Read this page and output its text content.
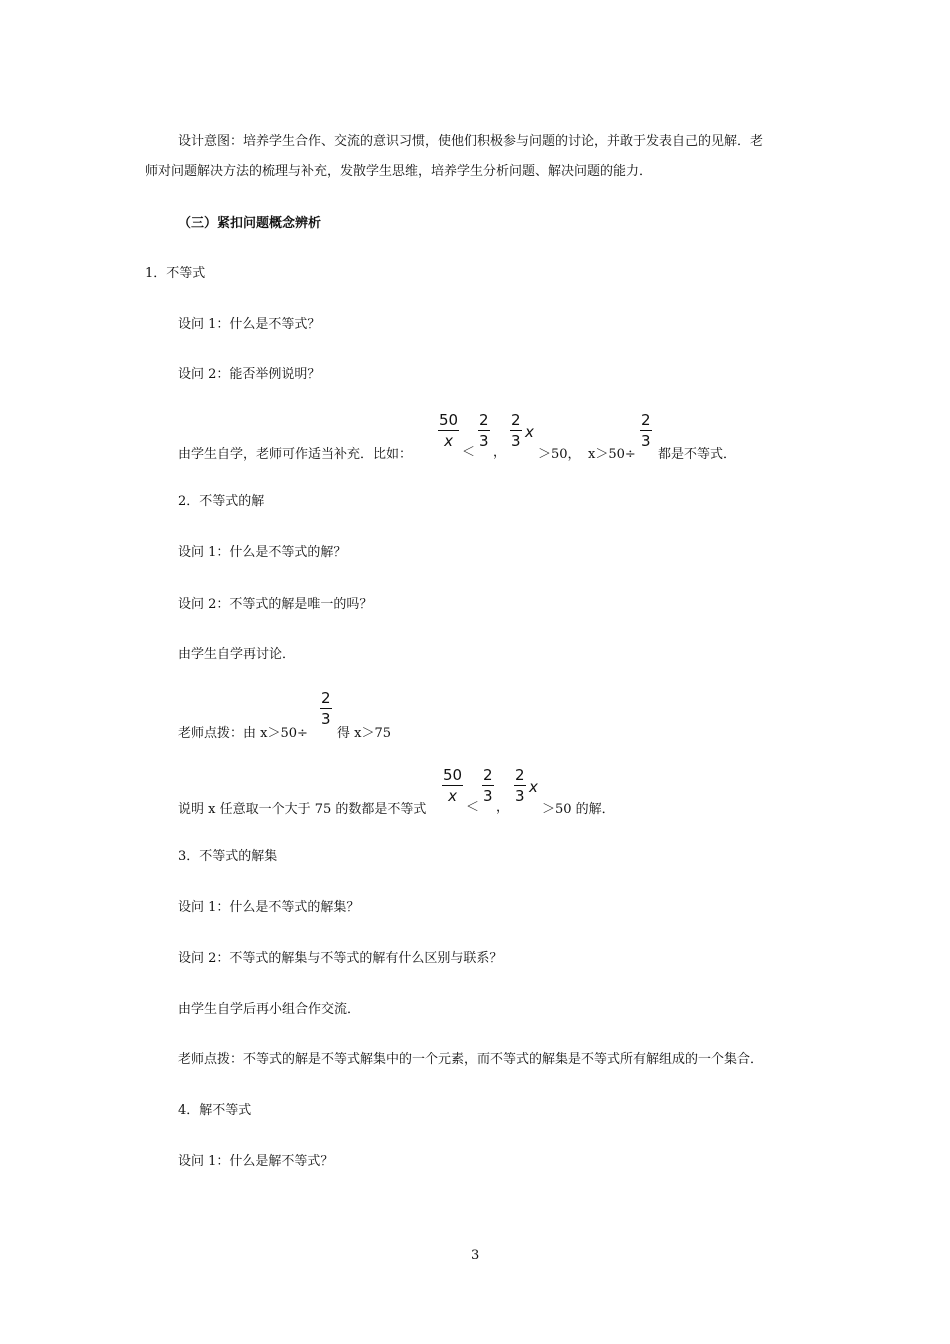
设计意图：培养学生合作、交流的意识习惯，使他们积极参与问题的讨论，并敢于发表自己的见解．老
师对问题解决方法的梳理与补充，发散学生思维，培养学生分析问题、解决问题的能力．
（三）紧扣问题概念辨析
1．不等式
设问 1：什么是不等式？
设问 2：能否举例说明？
由学生自学，老师可作适当补充．比如：
$\frac{50}{x}$
＜
$\frac{2}{3}$
，
$\frac{2}{3}$ x
＞50， x＞50÷
$\frac{2}{3}$
都是不等式．
2．不等式的解
设问 1：什么是不等式的解？
设问 2：不等式的解是唯一的吗？
由学生自学再讨论．
老师点拨：由 x＞50÷
$\frac{2}{3}$
得 x＞75
说明 x 任意取一个大于 75 的数都是不等式
$\frac{50}{x}$
＜
$\frac{2}{3}$
，
$\frac{2}{3}$ x
＞50 的解．
3．不等式的解集
设问 1：什么是不等式的解集？
设问 2：不等式的解集与不等式的解有什么区别与联系？
由学生自学后再小组合作交流．
老师点拨：不等式的解是不等式解集中的一个元素，而不等式的解集是不等式所有解组成的一个集合．
4．解不等式
设问 1：什么是解不等式？
3
